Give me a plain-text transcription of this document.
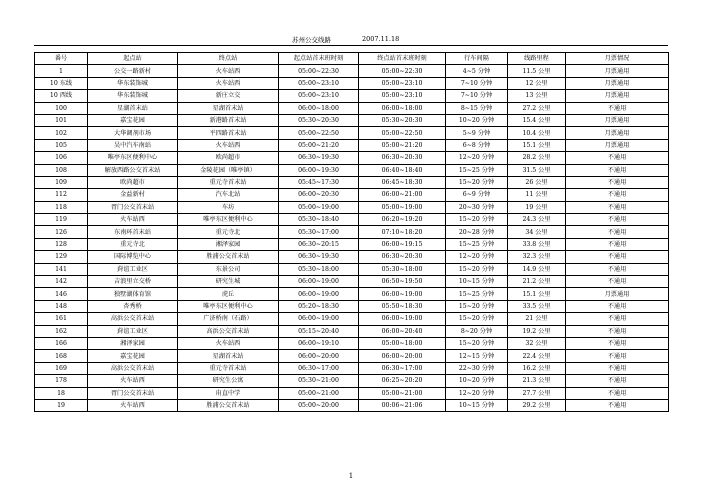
苏州公交线路	2007.11.18
番号	起点站	终点站	起点站首末班时刻	终点站首末班时刻	行车间隔	线路里程	月票情况
1	公交一路新村	火车站西	05:00~22:30	05:00~22:30	4~5 分钟	11.5 公里	月票通用
10 东线	华东装饰城	火车站西	05:00~23:10	05:00~23:10	7~10 分钟	12 公里	月票通用
10 西线	华东装饰城	新庄立交	05:00~23:10	05:00~23:10	7~10 分钟	13 公里	月票通用
100	星湖首末站	星湖首末站	06:00~18:00	06:00~18:00	8~15 分钟	27.2 公里	不通用
101	嘉宝花园	新港路首末站	05:30~20:30	05:30~20:30	10~20 分钟	15.4 公里	月票通用
102	大华调剂市场	平四路首末站	05:00~22:50	05:00~22:50	5~9 分钟	10.4 公里	月票通用
105	吴中汽车南站	火车站西	05:00~21:20	05:00~21:20	6~8 分钟	15.1 公里	月票通用
106	唯亭东区便利中心	欧尚超市	06:30~19:30	06:30~20:30	12~20 分钟	28.2 公里	不通用
108	解放西路公交首末站	金陵花园（唯亭镇）	06:00~19:30	06:40~18:40	15~25 分钟	31.5 公里	不通用
109	欧尚超市	重元寺首末站	05:45~17:30	06:45~18:30	15~20 分钟	26 公里	不通用
112	金益新村	汽车北站	06:00~20:30	06:00~21:00	6~9 分钟	11 公里	不通用
118	胥门公交首末站	车坊	05:00~19:00	05:00~19:00	20~30 分钟	19 公里	不通用
119	火车站西	唯亭东区便利中心	05:30~18:40	06:20~19:20	15~20 分钟	24.3 公里	不通用
126	东南环首末站	重元寺北	05:30~17:00	07:10~18:20	20~28 分钟	34 公里	不通用
128	重元寺北	湘泽家园	06:30~20:15	06:00~19:15	15~25 分钟	33.8 公里	不通用
129	国际博览中心	胜浦公交首末站	06:30~19:30	06:30~20:30	12~20 分钟	32.3 公里	不通用
141	葑谊工业区	东景公司	05:30~18:00	05:30~18:00	15~20 分钟	14.9 公里	不通用
142	吉浪里立交桥	研究生城	06:00~19:00	06:50~19:50	10~15 分钟	21.2 公里	不通用
146	独墅湖体育馆	虎丘	06:00~19:00	06:00~19:00	15~25 分钟	15.1 公里	月票通用
148	杏秀桥	唯亭东区便利中心	05:20~18:30	05:50~18:30	15~20 分钟	33.5 公里	不通用
161	高浜公交首末站	广济桥南（石路）	06:00~19:00	06:00~19:00	15~20 分钟	21 公里	不通用
162	葑谊工业区	高浜公交首末站	05:15~20:40	06:00~20:40	8~20 分钟	19.2 公里	不通用
166	湘泽家园	火车站西	06:00~19:10	05:00~18:00	15~20 分钟	32 公里	不通用
168	嘉宝花园	星湖首末站	06:00~20:00	06:00~20:00	12~15 分钟	22.4 公里	不通用
169	高浜公交首末站	重元寺首末站	06:30~17:00	06:30~17:00	22~30 分钟	16.2 公里	不通用
178	火车站西	研究生公寓	05:30~21:00	06:25~20:20	10~20 分钟	21.3 公里	不通用
18	胥门公交首末站	甪直中学	05:00~21:00	05:00~21:00	12~20 分钟	27.7 公里	不通用
19	火车站西	胜浦公交首末站	05:00~20:00	00:06~21:06	10~15 分钟	29.2 公里	不通用
1
